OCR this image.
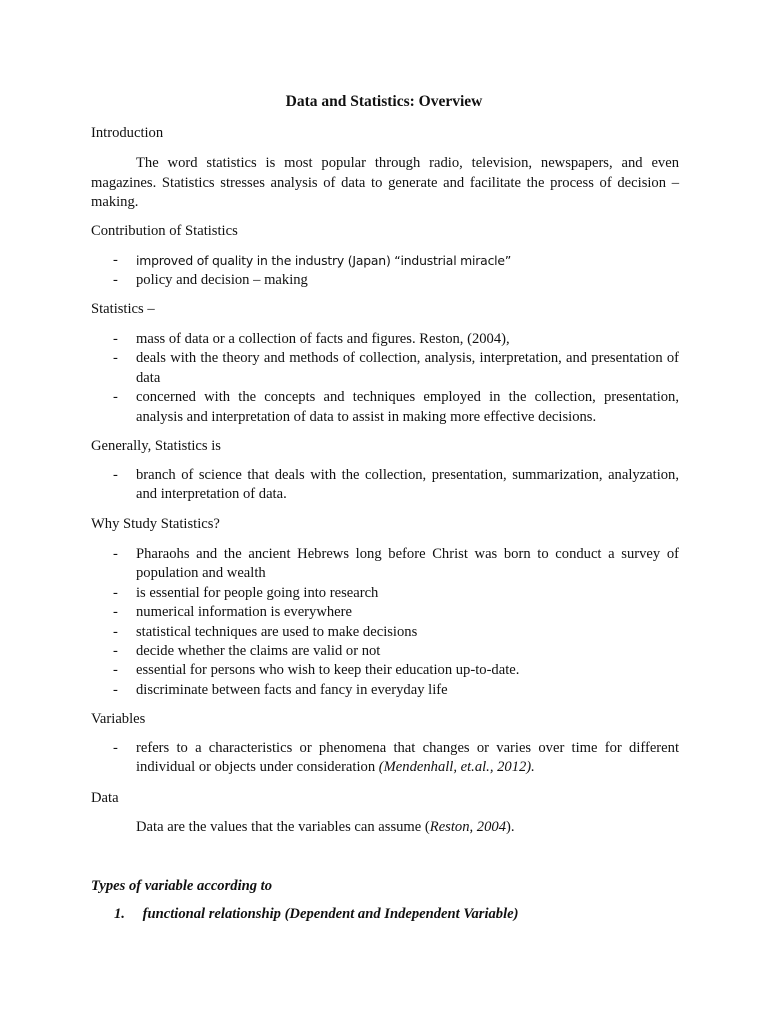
Data and Statistics: Overview
Introduction
The word statistics is most popular through radio, television, newspapers, and even magazines. Statistics stresses analysis of data to generate and facilitate the process of decision – making.
Contribution of Statistics
- improved of quality in the industry (Japan) “industrial miracle”
- policy and decision – making
Statistics –
- mass of data or a collection of facts and figures. Reston, (2004),
- deals with the theory and methods of collection, analysis, interpretation, and presentation of data
- concerned with the concepts and techniques employed in the collection, presentation, analysis and interpretation of data to assist in making more effective decisions.
Generally, Statistics is
- branch of science that deals with the collection, presentation, summarization, analyzation, and interpretation of data.
Why Study Statistics?
- Pharaohs and the ancient Hebrews long before Christ was born to conduct a survey of population and wealth
- is essential for people going into research
- numerical information is everywhere
- statistical techniques are used to make decisions
- decide whether the claims are valid or not
- essential for persons who wish to keep their education up-to-date.
- discriminate between facts and fancy in everyday life
Variables
- refers to a characteristics or phenomena that changes or varies over time for different individual or objects under consideration (Mendenhall, et.al., 2012).
Data
Data are the values that the variables can assume (Reston, 2004).
Types of variable according to
1. functional relationship (Dependent and Independent Variable)
